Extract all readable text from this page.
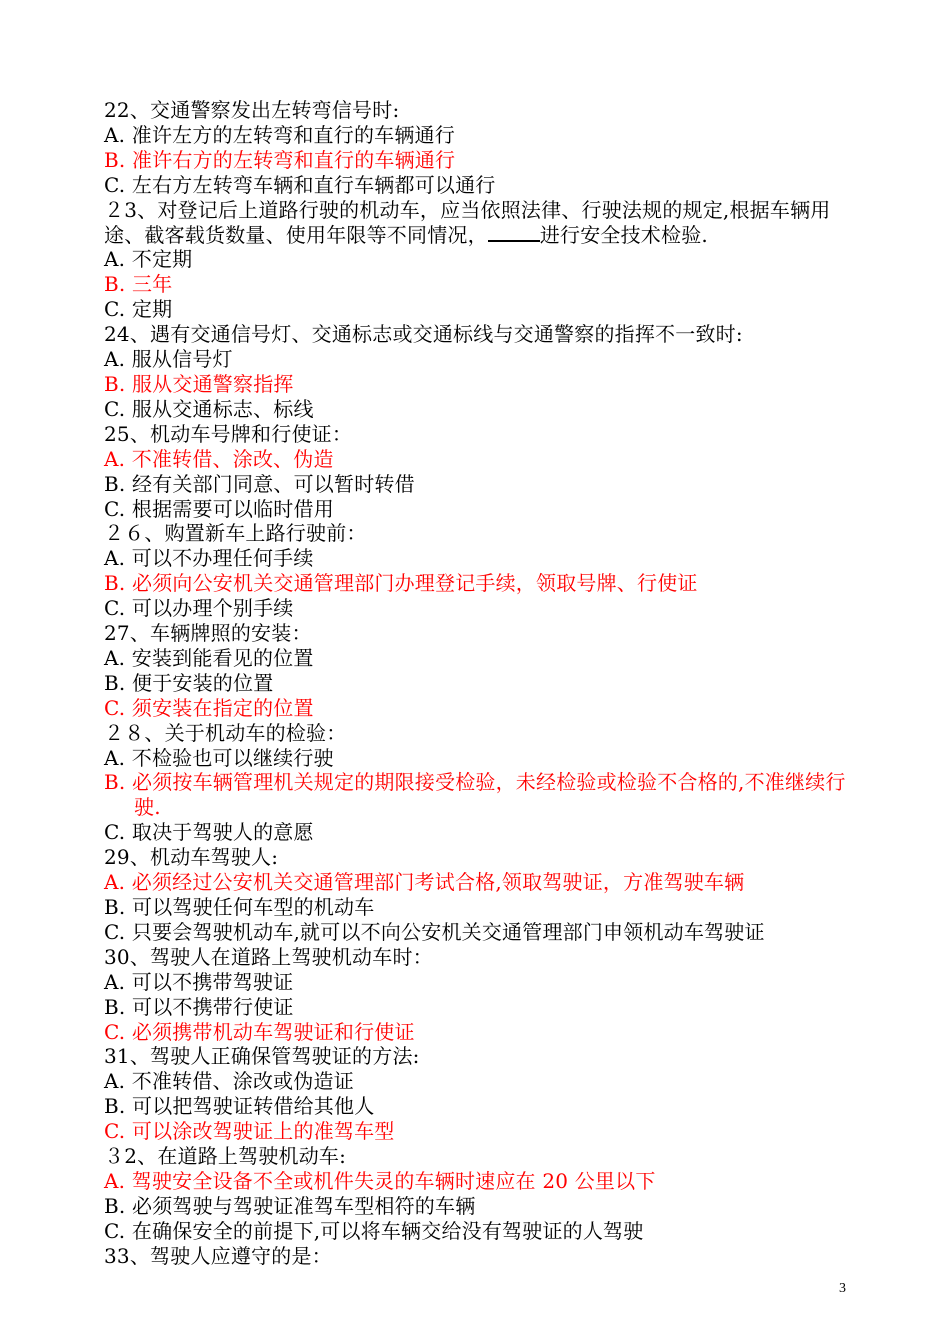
22、交通警察发出左转弯信号时:
A. 准许左方的左转弯和直行的车辆通行
B. 准许右方的左转弯和直行的车辆通行
C. 左右方左转弯车辆和直行车辆都可以通行
２3、对登记后上道路行驶的机动车，应当依照法律、行驶法规的规定,根据车辆用途、截客载货数量、使用年限等不同情况，	进行安全技术检验.
A. 不定期
B. 三年
C. 定期
24、遇有交通信号灯、交通标志或交通标线与交通警察的指挥不一致时:
A. 服从信号灯
B. 服从交通警察指挥
C. 服从交通标志、标线
25、机动车号牌和行使证：
A. 不准转借、涂改、伪造
B. 经有关部门同意、可以暂时转借
C. 根据需要可以临时借用
２６、购置新车上路行驶前：
A. 可以不办理任何手续
B. 必须向公安机关交通管理部门办理登记手续，领取号牌、行使证
C. 可以办理个别手续
27、车辆牌照的安装：
A. 安装到能看见的位置
B. 便于安装的位置
C. 须安装在指定的位置
２８、关于机动车的检验：
A. 不检验也可以继续行驶
B. 必须按车辆管理机关规定的期限接受检验，未经检验或检验不合格的,不准继续行驶.
C. 取决于驾驶人的意愿
29、机动车驾驶人:
A. 必须经过公安机关交通管理部门考试合格,领取驾驶证，方准驾驶车辆
B. 可以驾驶任何车型的机动车
C. 只要会驾驶机动车,就可以不向公安机关交通管理部门申领机动车驾驶证
30、驾驶人在道路上驾驶机动车时：
A. 可以不携带驾驶证
B. 可以不携带行使证
C. 必须携带机动车驾驶证和行使证
31、驾驶人正确保管驾驶证的方法:
A. 不准转借、涂改或伪造证
B. 可以把驾驶证转借给其他人
C. 可以涂改驾驶证上的准驾车型
３2、在道路上驾驶机动车:
A. 驾驶安全设备不全或机件失灵的车辆时速应在 20 公里以下
B. 必须驾驶与驾驶证准驾车型相符的车辆
C. 在确保安全的前提下,可以将车辆交给没有驾驶证的人驾驶
33、驾驶人应遵守的是：
3
